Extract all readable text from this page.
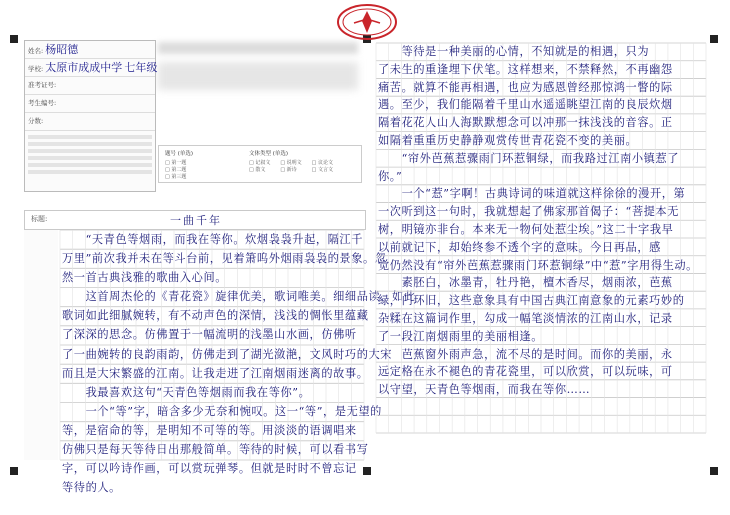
姓名: 杨昭德
学校: 太原市成成中学 七年级
准考证号:
考生编号:
分数:
题号 (单选)
□ 第一题
□ 第二题
□ 第三题
文体类型 (单选)
□ 记叙文
□ 散文
□ 说明文
□ 新诗
□ 议论文
□ 文言文
标题:	一曲千年
　　“天青色等烟雨，而我在等你。炊烟袅袅升起，隔江千
万里”前次我并未在等斗台前，见着箫呜外烟雨袅袅的景象。忽
然一首古典浅雅的歌曲入心间。
　　这首周杰伦的《青花瓷》旋律优美，歌词唯美。细细品读，如此
歌词如此细腻婉转，有不动声色的深情，浅浅的惆怅里蕴藏
了深深的思念。仿佛置于一幅流明的浅墨山水画，仿佛听
了一曲婉转的良韵雨韵，仿佛走到了湖光潋滟，文风时巧的大宋
而且是大宋繁盛的江南。让我走进了江南烟雨迷离的故事。
　　我最喜欢这句“天青色等烟雨而我在等你”。
　　一个“等”字，暗含多少无奈和惋叹。这一“等”，是无望的
等，是宿命的等，是明知不可等的等。用淡淡的语调唱来
仿佛只是每天等待日出那般简单。等待的时候，可以看书写
字，可以吟诗作画，可以赏玩弹琴。但就是时时不曾忘记
等待的人。
　　等待是一种美丽的心情，不知就是的相遇，只为
了未生的重逢埋下伏笔。这样想来，不禁释然，不再幽怨
痛苦。就算不能再相遇，也应为感恩曾经那惊鸿一瞥的际
遇。至少，我们能隔着千里山水遥遥眺望江南的良辰炊烟
隔着花花人山人海默默想念可以冲那一抹浅浅的音容。正
如隔着重重历史静静观赏传世青花瓷不变的美丽。
　　“帘外芭蕉惹骤雨门环惹铜绿，而我路过江南小镇惹了
你。”
　　一个“惹”字啊！古典诗词的味道就这样徐徐的漫开，第
一次听到这一句时，我就想起了佛家那首偈子：“菩提本无
树，明镜亦非台。本来无一物何处惹尘埃。”这二十字我早
以前就记下，却始终参不透个字的意味。今日再品，感
觉仍然没有“帘外芭蕉惹骤雨门环惹铜绿”中“惹”字用得生动。
　　素胚白，冰墨青，牡丹艳，檀木香尽，烟雨浓，芭蕉
绿，门环旧，这些意象具有中国古典江南意象的元素巧妙的
杂糅在这篇词作里，勾成一幅笔淡情浓的江南山水，记录
了一段江南烟雨里的美丽相逢。
　　芭蕉窗外雨声急，流不尽的是时间。而你的美丽，永
远定格在永不褪色的青花瓷里，可以欣赏，可以玩味，可
以守望，天青色等烟雨，而我在等你……
